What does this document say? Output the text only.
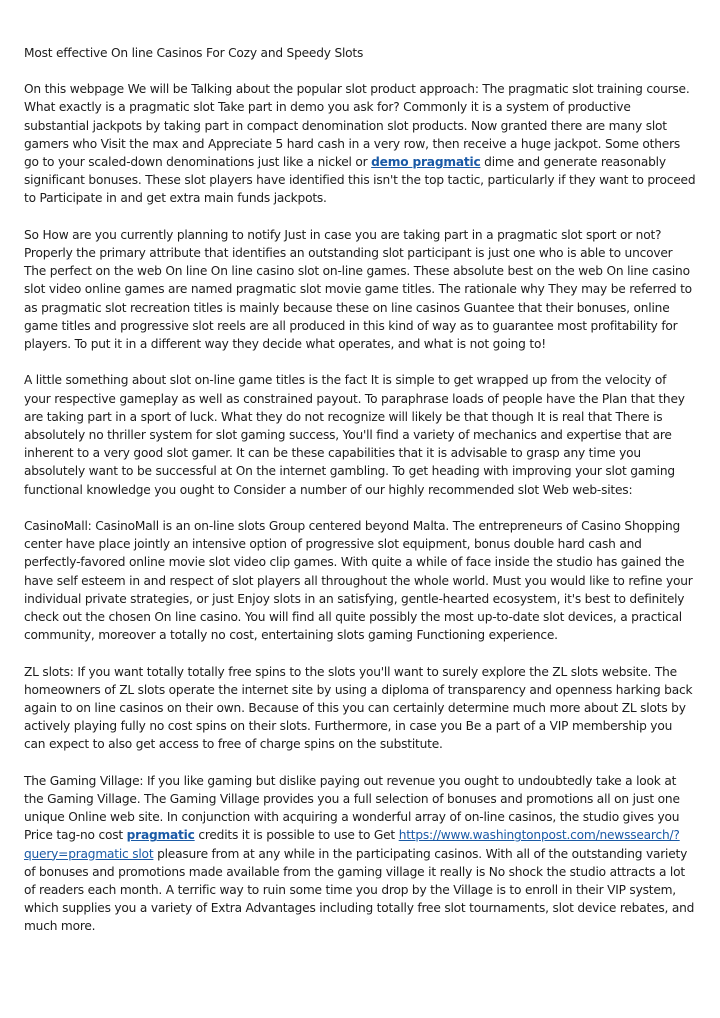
Most effective On line Casinos For Cozy and Speedy Slots

On this webpage We will be Talking about the popular slot product approach: The pragmatic slot training course. What exactly is a pragmatic slot Take part in demo you ask for? Commonly it is a system of productive substantial jackpots by taking part in compact denomination slot products. Now granted there are many slot gamers who Visit the max and Appreciate 5 hard cash in a very row, then receive a huge jackpot. Some others go to your scaled-down denominations just like a nickel or demo pragmatic dime and generate reasonably significant bonuses. These slot players have identified this isn't the top tactic, particularly if they want to proceed to Participate in and get extra main funds jackpots.

So How are you currently planning to notify Just in case you are taking part in a pragmatic slot sport or not? Properly the primary attribute that identifies an outstanding slot participant is just one who is able to uncover The perfect on the web On line On line casino slot on-line games. These absolute best on the web On line casino slot video online games are named pragmatic slot movie game titles. The rationale why They may be referred to as pragmatic slot recreation titles is mainly because these on line casinos Guantee that their bonuses, online game titles and progressive slot reels are all produced in this kind of way as to guarantee most profitability for players. To put it in a different way they decide what operates, and what is not going to!

A little something about slot on-line game titles is the fact It is simple to get wrapped up from the velocity of your respective gameplay as well as constrained payout. To paraphrase loads of people have the Plan that they are taking part in a sport of luck. What they do not recognize will likely be that though It is real that There is absolutely no thriller system for slot gaming success, You'll find a variety of mechanics and expertise that are inherent to a very good slot gamer. It can be these capabilities that it is advisable to grasp any time you absolutely want to be successful at On the internet gambling. To get heading with improving your slot gaming functional knowledge you ought to Consider a number of our highly recommended slot Web web-sites:

CasinoMall: CasinoMall is an on-line slots Group centered beyond Malta. The entrepreneurs of Casino Shopping center have place jointly an intensive option of progressive slot equipment, bonus double hard cash and perfectly-favored online movie slot video clip games. With quite a while of face inside the studio has gained the have self esteem in and respect of slot players all throughout the whole world. Must you would like to refine your individual private strategies, or just Enjoy slots in an satisfying, gentle-hearted ecosystem, it's best to definitely check out the chosen On line casino. You will find all quite possibly the most up-to-date slot devices, a practical community, moreover a totally no cost, entertaining slots gaming Functioning experience.

ZL slots: If you want totally totally free spins to the slots you'll want to surely explore the ZL slots website. The homeowners of ZL slots operate the internet site by using a diploma of transparency and openness harking back again to on line casinos on their own. Because of this you can certainly determine much more about ZL slots by actively playing fully no cost spins on their slots. Furthermore, in case you Be a part of a VIP membership you can expect to also get access to free of charge spins on the substitute.

The Gaming Village: If you like gaming but dislike paying out revenue you ought to undoubtedly take a look at the Gaming Village. The Gaming Village provides you a full selection of bonuses and promotions all on just one unique Online web site. In conjunction with acquiring a wonderful array of on-line casinos, the studio gives you Price tag-no cost pragmatic credits it is possible to use to Get https://www.washingtonpost.com/newssearch/?query=pragmatic slot pleasure from at any while in the participating casinos. With all of the outstanding variety of bonuses and promotions made available from the gaming village it really is No shock the studio attracts a lot of readers each month. A terrific way to ruin some time you drop by the Village is to enroll in their VIP system, which supplies you a variety of Extra Advantages including totally free slot tournaments, slot device rebates, and much more.
